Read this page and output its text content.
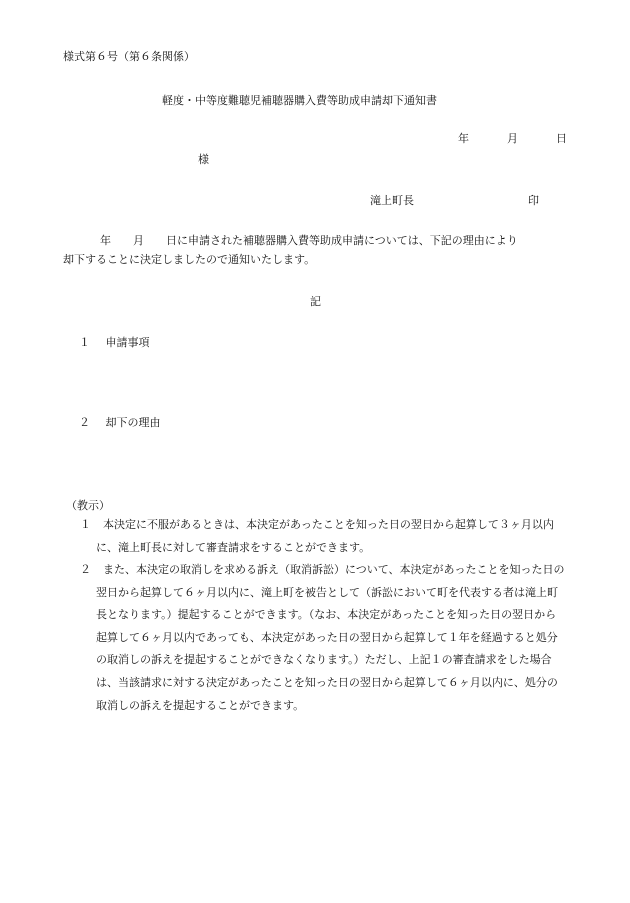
様式第６号（第６条関係）
軽度・中等度難聴児補聴器購入費等助成申請却下通知書
年	月	日
様
滝上町長	印
年　　月　　日に申請された補聴器購入費等助成申請については、下記の理由により
却下することに決定しましたので通知いたします。
記
１ 申請事項
２ 却下の理由
（教示）
１ 本決定に不服があるときは、本決定があったことを知った日の翌日から起算して３ヶ月以内に、滝上町長に対して審査請求をすることができます。
２ また、本決定の取消しを求める訴え（取消訴訟）について、本決定があったことを知った日の翌日から起算して６ヶ月以内に、滝上町を被告として（訴訟において町を代表する者は滝上町長となります。）提起することができます。（なお、本決定があったことを知った日の翌日から起算して６ヶ月以内であっても、本決定があった日の翌日から起算して１年を経過すると処分の取消しの訴えを提起することができなくなります。）ただし、上記１の審査請求をした場合は、当該請求に対する決定があったことを知った日の翌日から起算して６ヶ月以内に、処分の取消しの訴えを提起することができます。
